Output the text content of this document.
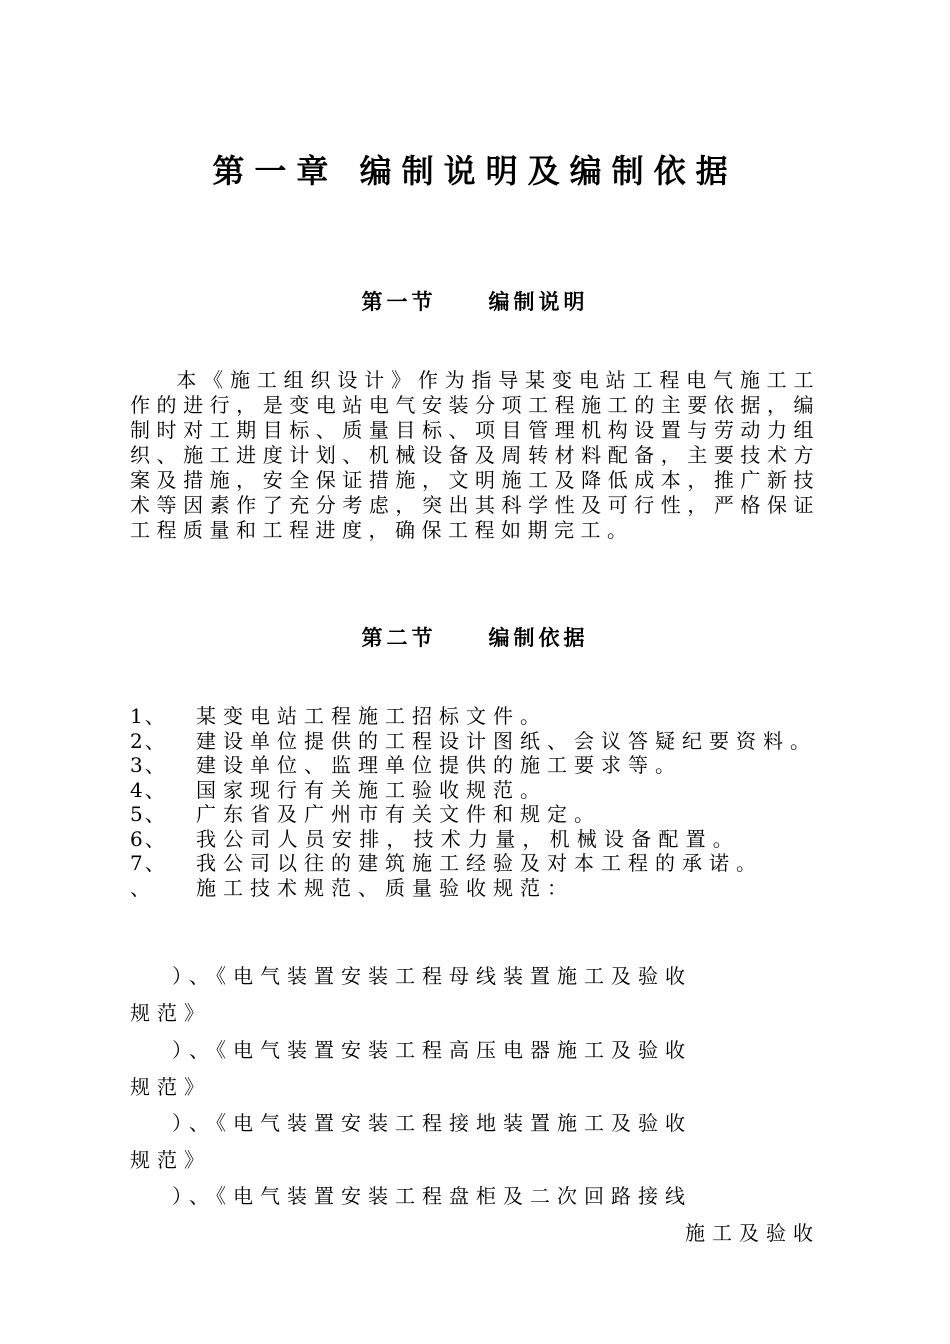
第一章 编制说明及编制依据
第一节 编制说明
本《施工组织设计》作为指导某变电站工程电气施工工作的进行，是变电站电气安装分项工程施工的主要依据，编制时对工期目标、质量目标、项目管理机构设置与劳动力组织、施工进度计划、机械设备及周转材料配备，主要技术方案及措施，安全保证措施，文明施工及降低成本，推广新技术等因素作了充分考虑，突出其科学性及可行性，严格保证工程质量和工程进度，确保工程如期完工。
第二节 编制依据
1、	某变电站工程施工招标文件。
2、	建设单位提供的工程设计图纸、会议答疑纪要资料。
3、	建设单位、监理单位提供的施工要求等。
4、	国家现行有关施工验收规范。
5、	广东省及广州市有关文件和规定。
6、	我公司人员安排，技术力量，机械设备配置。
7、	我公司以往的建筑施工经验及对本工程的承诺。
、	施工技术规范、质量验收规范：
）、《电气装置安装工程母线装置施工及验收
规范》
）、《电气装置安装工程高压电器施工及验收
规范》
）、《电气装置安装工程接地装置施工及验收
规范》
）、《电气装置安装工程盘柜及二次回路接线
施工及验收
